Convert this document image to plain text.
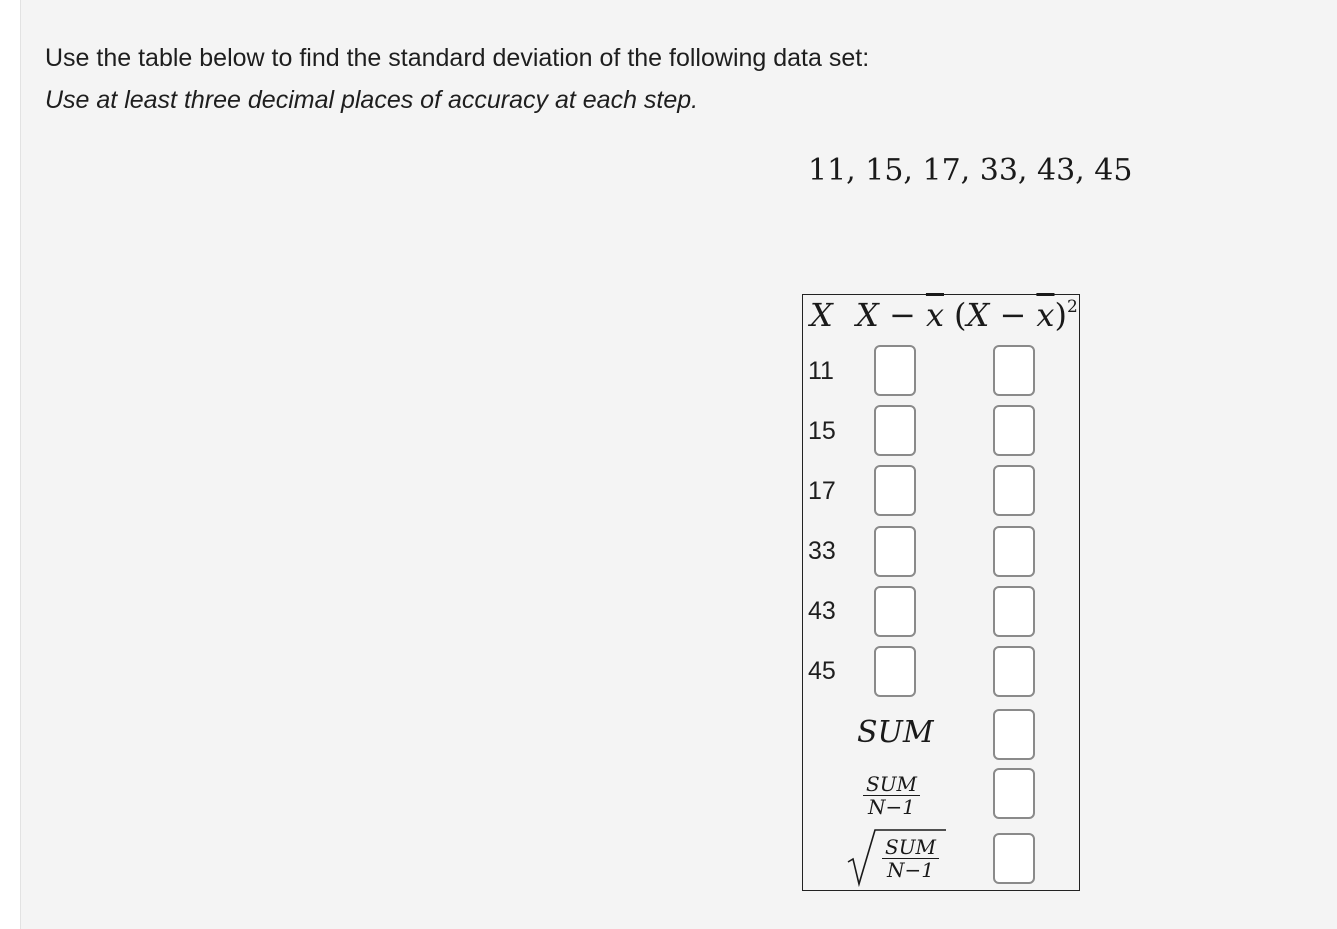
Use the table below to find the standard deviation of the following data set:
Use at least three decimal places of accuracy at each step.
11, 15, 17, 33, 43, 45
X $X - \overline{x}$ $(X - \overline{x})^2$
11
15
17
33
43
45
SUM
SUM
N−1
SUM
N−1
